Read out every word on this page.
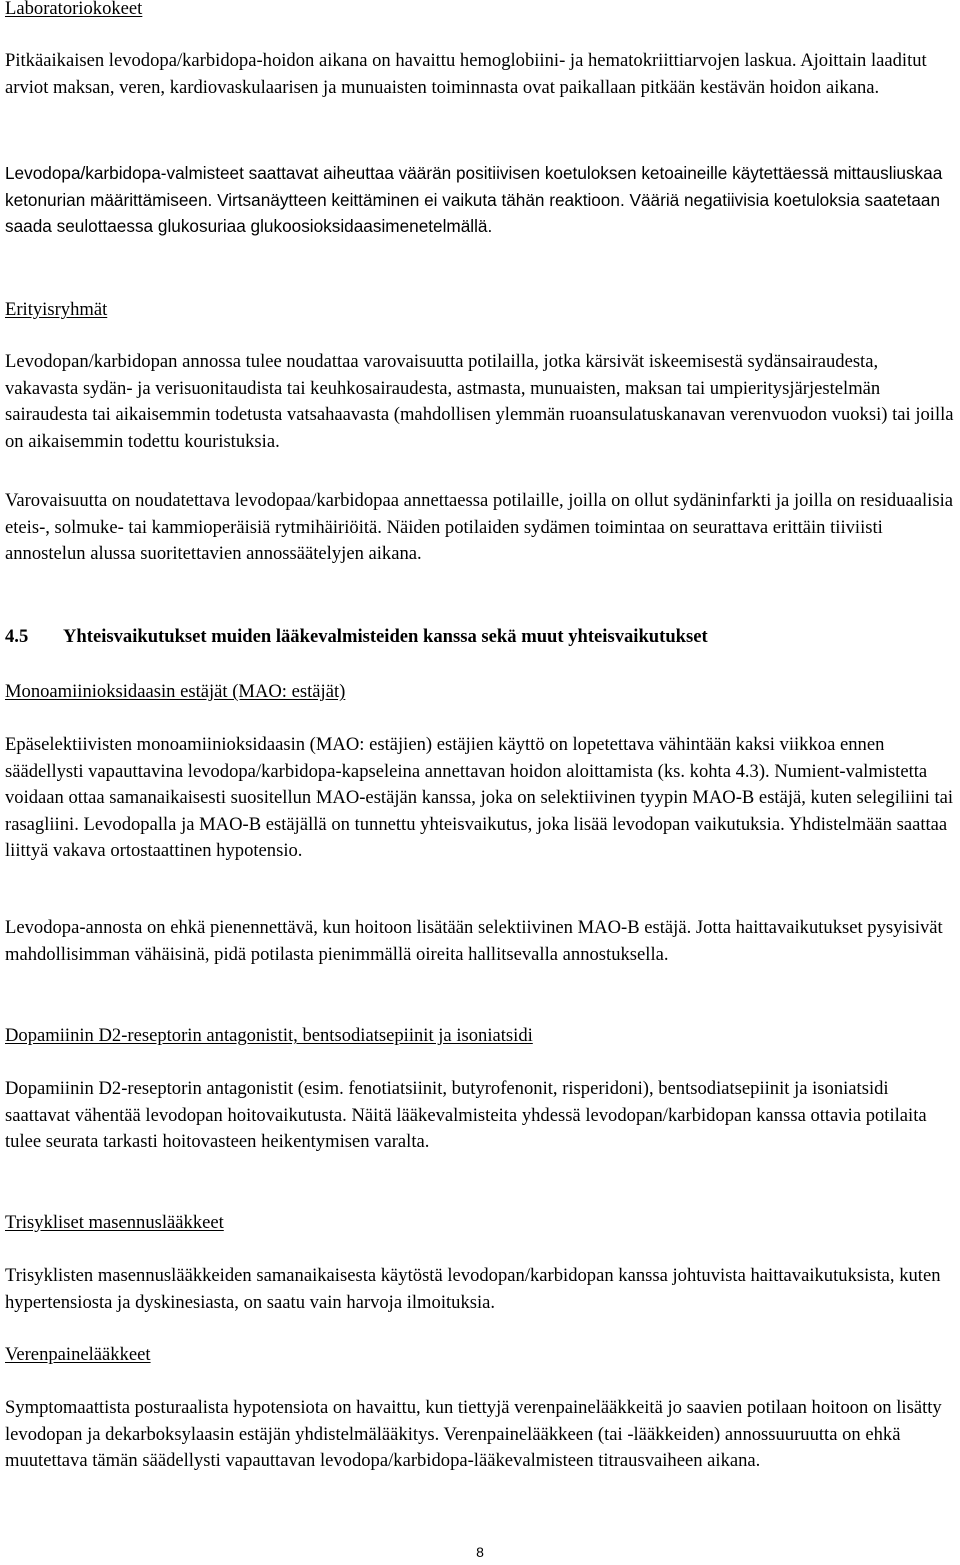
Laboratoriokokeet

Pitkäaikaisen levodopa/karbidopa-hoidon aikana on havaittu hemoglobiini- ja hematokriittiarvojen laskua. Ajoittain laaditut arviot maksan, veren, kardiovaskulaarisen ja munuaisten toiminnasta ovat paikallaan pitkään kestävän hoidon aikana.

Levodopa/karbidopa-valmisteet saattavat aiheuttaa väärän positiivisen koetuloksen ketoaineille käytettäessä mittausliuskaa ketonurian määrittämiseen. Virtsanäytteen keittäminen ei vaikuta tähän reaktioon. Vääriä negatiivisia koetuloksia saatetaan saada seulottaessa glukosuriaa glukoosioksidaasimenetelmällä.

Erityisryhmät

Levodopan/karbidopan annossa tulee noudattaa varovaisuutta potilailla, jotka kärsivät iskeemisestä sydänsairaudesta, vakavasta sydän- ja verisuonitaudista tai keuhkosairaudesta, astmasta, munuaisten, maksan tai umpieritysjärjestelmän sairaudesta tai aikaisemmin todetusta vatsahaavasta (mahdollisen ylemmän ruoansulatuskanavan verenvuodon vuoksi) tai joilla on aikaisemmin todettu kouristuksia.

Varovaisuutta on noudatettava levodopaa/karbidopaa annettaessa potilaille, joilla on ollut sydäninfarkti ja joilla on residuaalisia eteis-, solmuke- tai kammioperäisiä rytmihäiriöitä. Näiden potilaiden sydämen toimintaa on seurattava erittäin tiiviisti annostelun alussa suoritettavien annossäätelyjen aikana.

4.5 Yhteisvaikutukset muiden lääkevalmisteiden kanssa sekä muut yhteisvaikutukset

Monoamiinioksidaasin estäjät (MAO: estäjät)

Epäselektiivisten monoamiinioksidaasin (MAO: estäjien) estäjien käyttö on lopetettava vähintään kaksi viikkoa ennen säädellysti vapauttavina levodopa/karbidopa-kapseleina annettavan hoidon aloittamista (ks. kohta 4.3). Numient-valmistetta voidaan ottaa samanaikaisesti suositellun MAO-estäjän kanssa, joka on selektiivinen tyypin MAO-B estäjä, kuten selegiliini tai rasagliini. Levodopalla ja MAO-B estäjällä on tunnettu yhteisvaikutus, joka lisää levodopan vaikutuksia. Yhdistelmään saattaa liittyä vakava ortostaattinen hypotensio.

Levodopa-annosta on ehkä pienennettävä, kun hoitoon lisätään selektiivinen MAO-B estäjä. Jotta haittavaikutukset pysyisivät mahdollisimman vähäisinä, pidä potilasta pienimmällä oireita hallitsevalla annostuksella.

Dopamiinin D2-reseptorin antagonistit, bentsodiatsepiinit ja isoniatsidi

Dopamiinin D2-reseptorin antagonistit (esim. fenotiatsiinit, butyrofenonit, risperidoni), bentsodiatsepiinit ja isoniatsidi saattavat vähentää levodopan hoitovaikutusta. Näitä lääkevalmisteita yhdessä levodopan/karbidopan kanssa ottavia potilaita tulee seurata tarkasti hoitovasteen heikentymisen varalta.

Trisykliset masennuslääkkeet

Trisyklisten masennuslääkkeiden samanaikaisesta käytöstä levodopan/karbidopan kanssa johtuvista haittavaikutuksista, kuten hypertensiosta ja dyskinesiasta, on saatu vain harvoja ilmoituksia.

Verenpainelääkkeet

Symptomaattista posturaalista hypotensiota on havaittu, kun tiettyjä verenpainelääkkeitä jo saavien potilaan hoitoon on lisätty levodopan ja dekarboksylaasin estäjän yhdistelmälääkitys. Verenpainelääkkeen (tai -lääkkeiden) annossuuruutta on ehkä muutettava tämän säädellysti vapauttavan levodopa/karbidopa-lääkevalmisteen titrausvaiheen aikana.

8
